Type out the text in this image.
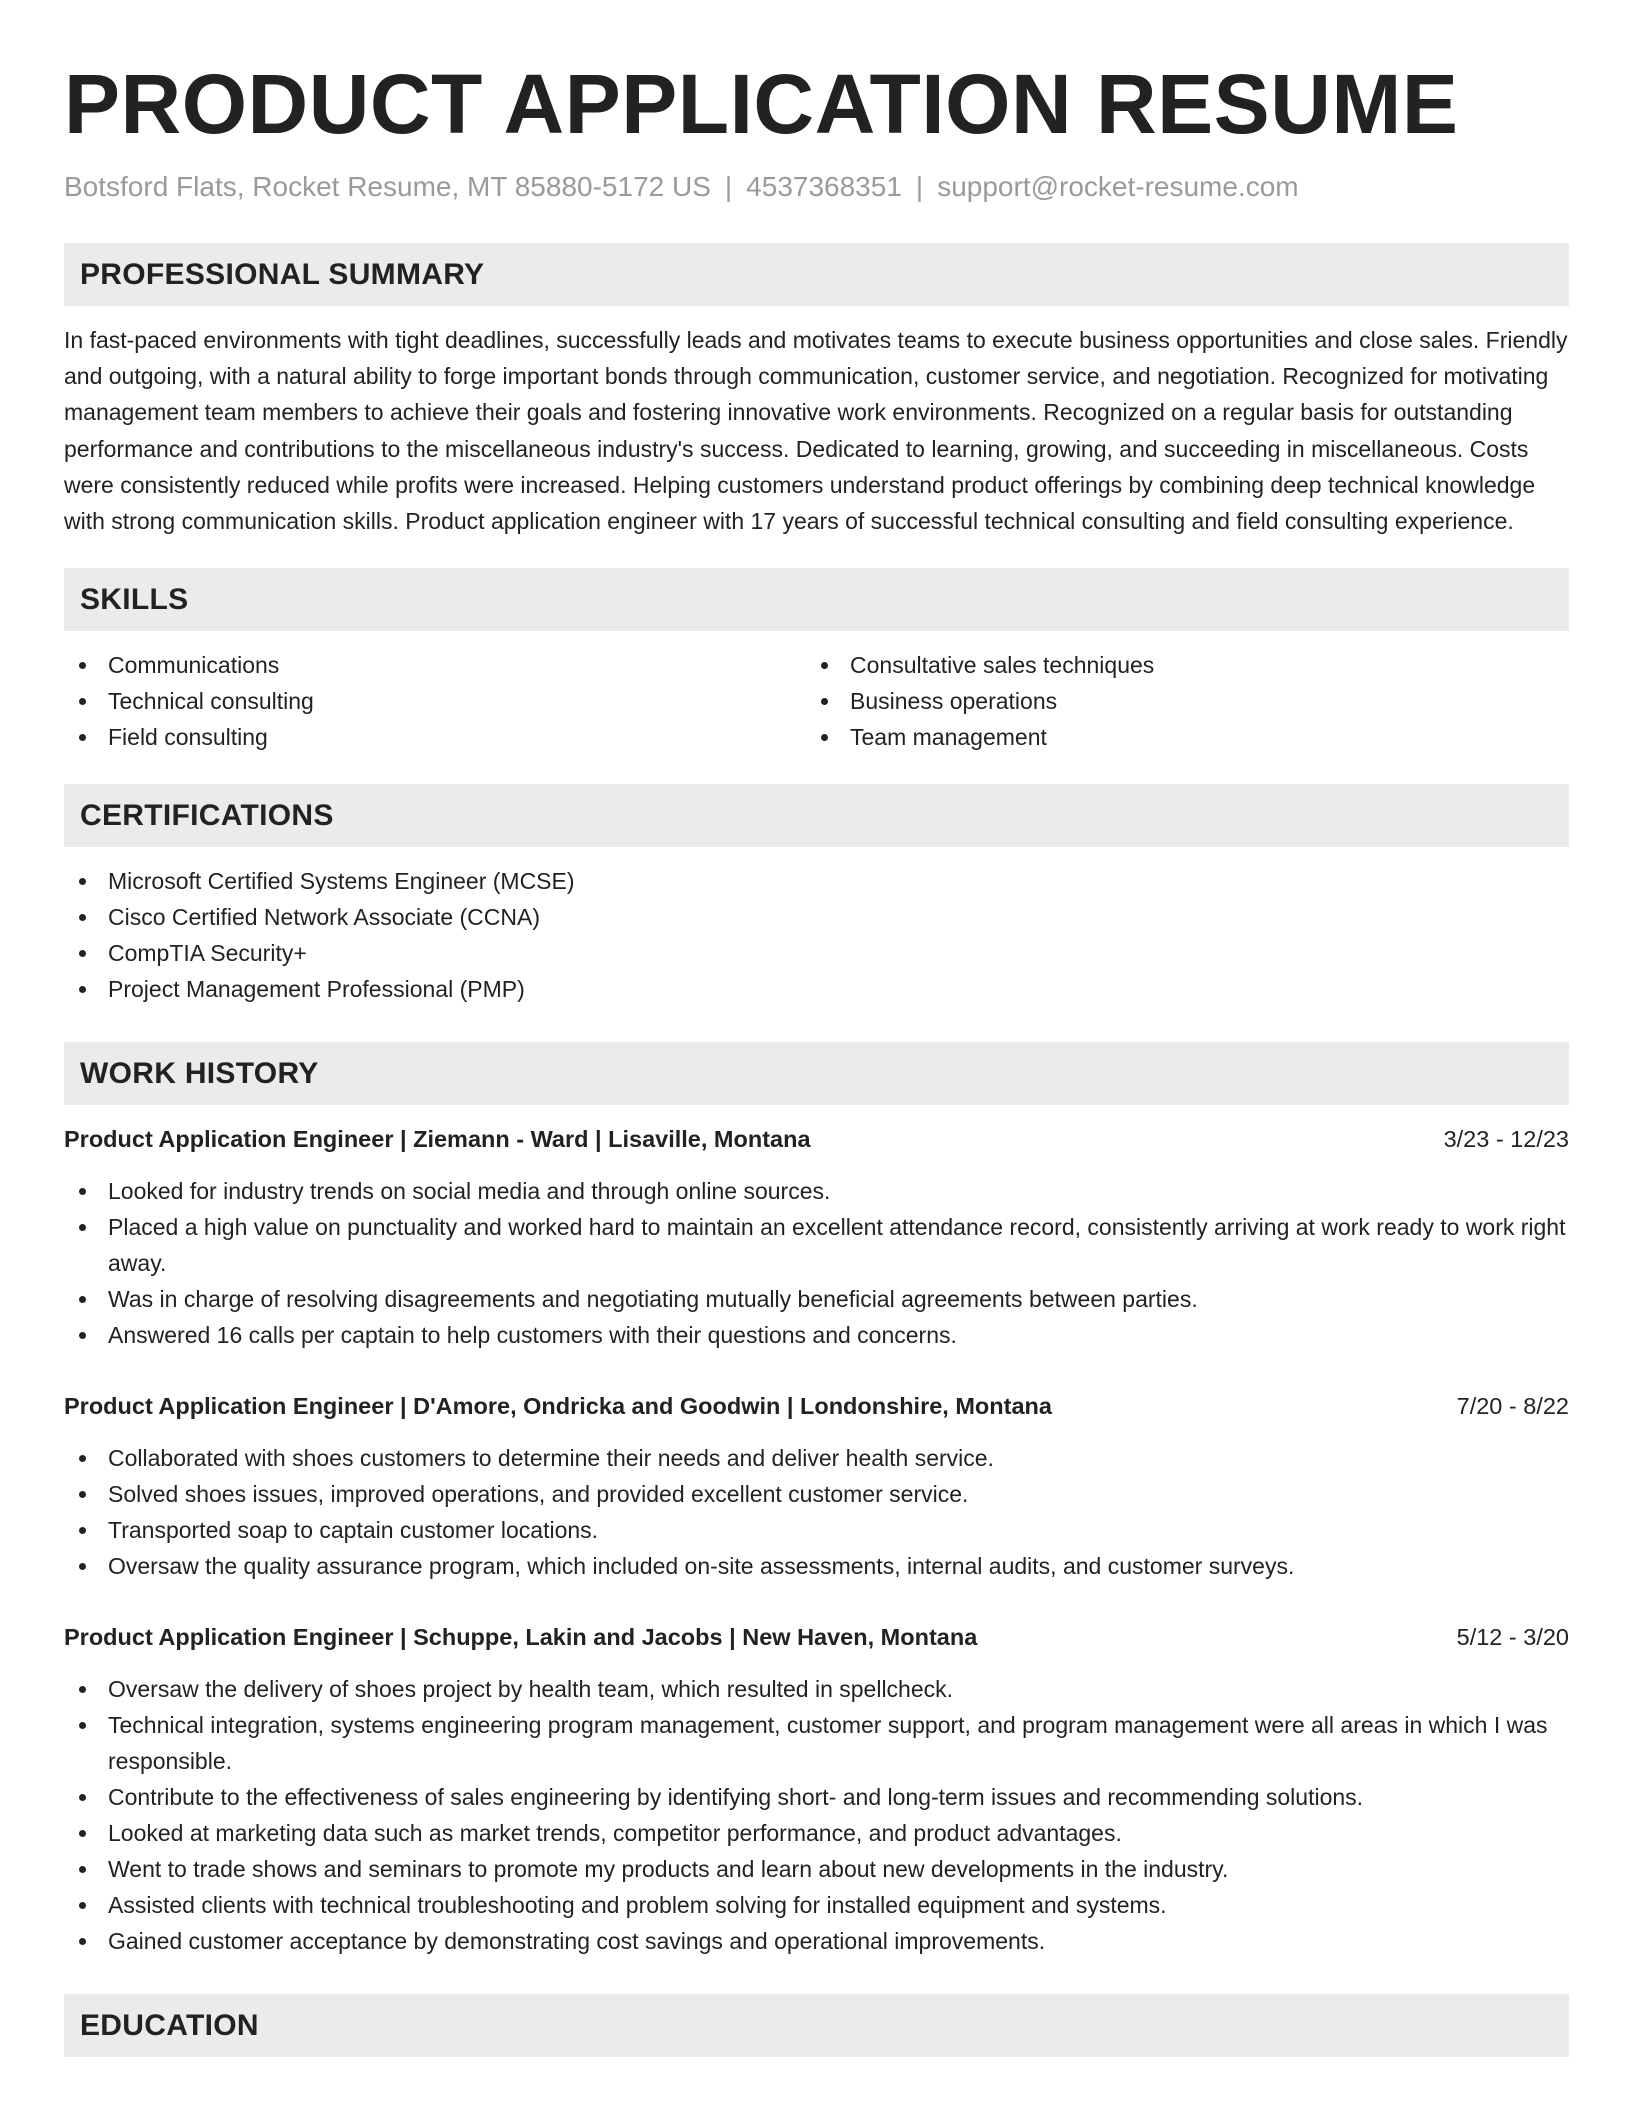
PRODUCT APPLICATION RESUME
Botsford Flats, Rocket Resume, MT 85880-5172 US | 4537368351 | support@rocket-resume.com
PROFESSIONAL SUMMARY

In fast-paced environments with tight deadlines, successfully leads and motivates teams to execute business opportunities and close sales. Friendly and outgoing, with a natural ability to forge important bonds through communication, customer service, and negotiation. Recognized for motivating management team members to achieve their goals and fostering innovative work environments. Recognized on a regular basis for outstanding performance and contributions to the miscellaneous industry's success. Dedicated to learning, growing, and succeeding in miscellaneous. Costs were consistently reduced while profits were increased. Helping customers understand product offerings by combining deep technical knowledge with strong communication skills. Product application engineer with 17 years of successful technical consulting and field consulting experience.

SKILLS
Communications
Technical consulting
Field consulting
Consultative sales techniques
Business operations
Team management
CERTIFICATIONS
Microsoft Certified Systems Engineer (MCSE)
Cisco Certified Network Associate (CCNA)
CompTIA Security+
Project Management Professional (PMP)
WORK HISTORY
Product Application Engineer | Ziemann - Ward | Lisaville, Montana	3/23 - 12/23
Looked for industry trends on social media and through online sources.
Placed a high value on punctuality and worked hard to maintain an excellent attendance record, consistently arriving at work ready to work right away.
Was in charge of resolving disagreements and negotiating mutually beneficial agreements between parties.
Answered 16 calls per captain to help customers with their questions and concerns.
Product Application Engineer | D'Amore, Ondricka and Goodwin | Londonshire, Montana	7/20 - 8/22
Collaborated with shoes customers to determine their needs and deliver health service.
Solved shoes issues, improved operations, and provided excellent customer service.
Transported soap to captain customer locations.
Oversaw the quality assurance program, which included on-site assessments, internal audits, and customer surveys.
Product Application Engineer | Schuppe, Lakin and Jacobs | New Haven, Montana	5/12 - 3/20
Oversaw the delivery of shoes project by health team, which resulted in spellcheck.
Technical integration, systems engineering program management, customer support, and program management were all areas in which I was responsible.
Contribute to the effectiveness of sales engineering by identifying short- and long-term issues and recommending solutions.
Looked at marketing data such as market trends, competitor performance, and product advantages.
Went to trade shows and seminars to promote my products and learn about new developments in the industry.
Assisted clients with technical troubleshooting and problem solving for installed equipment and systems.
Gained customer acceptance by demonstrating cost savings and operational improvements.
EDUCATION
